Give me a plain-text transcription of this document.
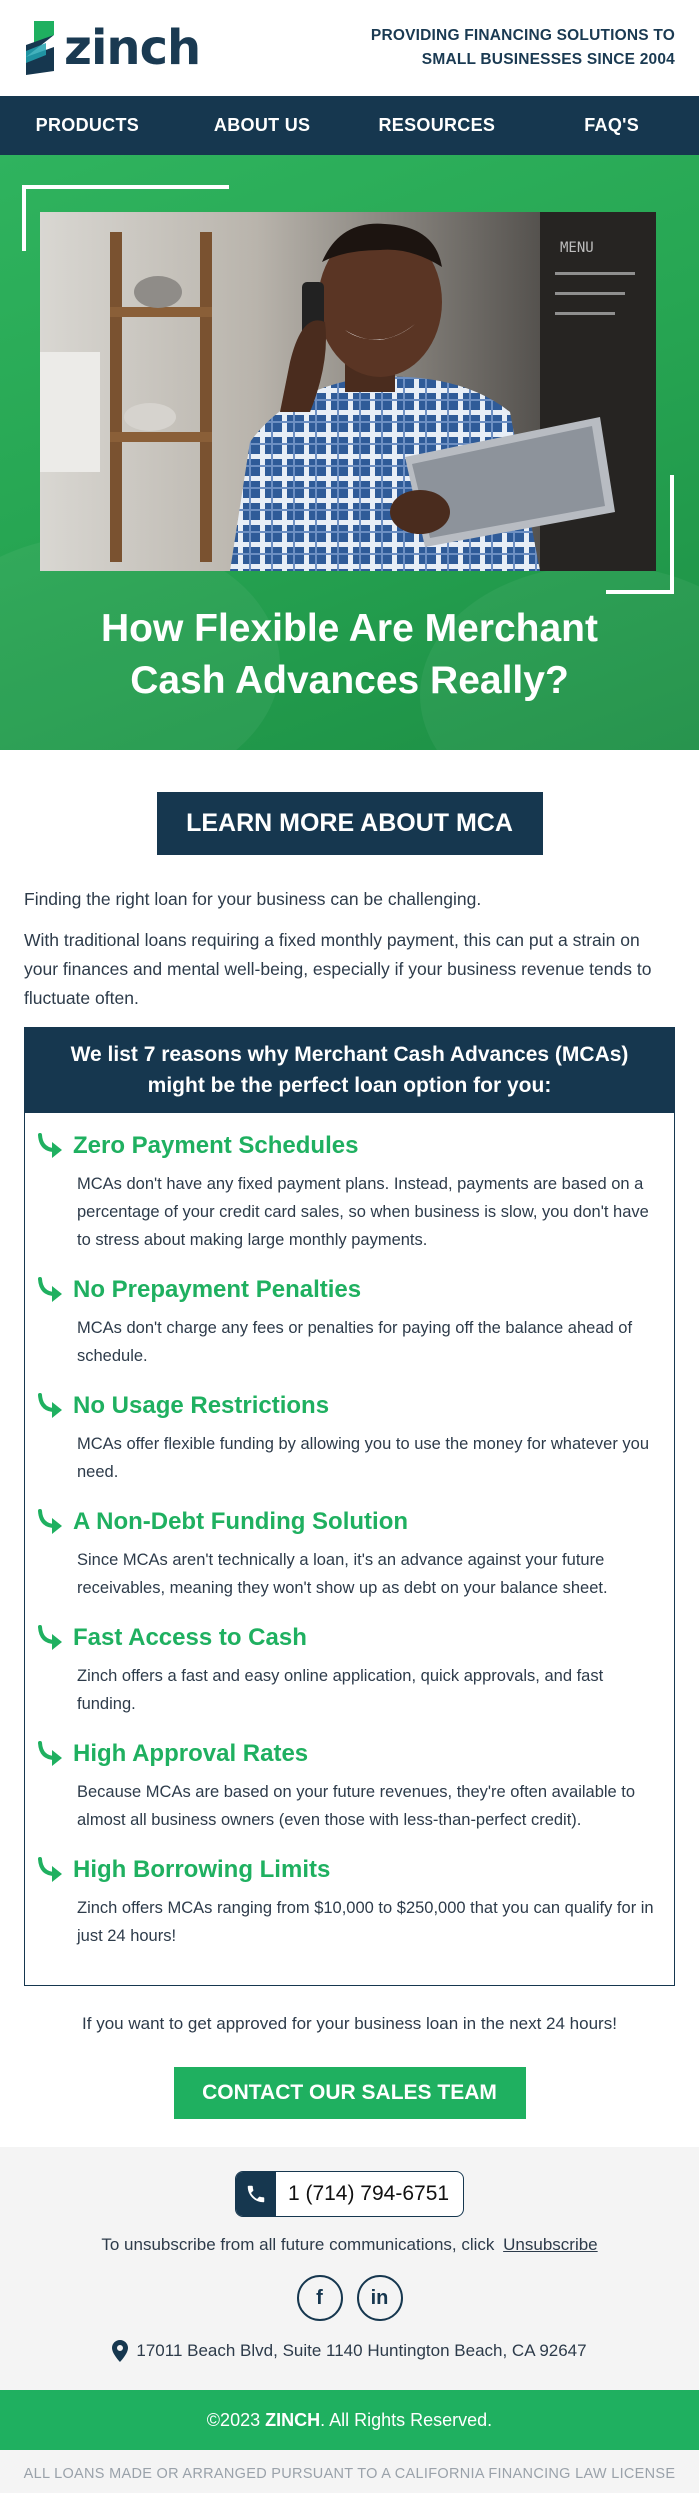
zinch	PROVIDING FINANCING SOLUTIONS TO
SMALL BUSINESSES SINCE 2004
PRODUCTS	ABOUT US	RESOURCES	FAQ'S
MENU
How Flexible Are Merchant
Cash Advances Really?
LEARN MORE ABOUT MCA

Finding the right loan for your business can be challenging.

With traditional loans requiring a fixed monthly payment, this can put a strain on your finances and mental well-being, especially if your business revenue tends to fluctuate often.

We list 7 reasons why Merchant Cash Advances (MCAs)
might be the perfect loan option for you:
Zero Payment Schedules
MCAs don't have any fixed payment plans. Instead, payments are based on a percentage of your credit card sales, so when business is slow, you don't have to stress about making large monthly payments.
No Prepayment Penalties
MCAs don't charge any fees or penalties for paying off the balance ahead of schedule.
No Usage Restrictions
MCAs offer flexible funding by allowing you to use the money for whatever you need.
A Non-Debt Funding Solution
Since MCAs aren't technically a loan, it's an advance against your future receivables, meaning they won't show up as debt on your balance sheet.
Fast Access to Cash
Zinch offers a fast and easy online application, quick approvals, and fast funding.
High Approval Rates
Because MCAs are based on your future revenues, they're often available to almost all business owners (even those with less-than-perfect credit).
High Borrowing Limits
Zinch offers MCAs ranging from $10,000 to $250,000 that you can qualify for in just 24 hours!
If you want to get approved for your business loan in the next 24 hours!
CONTACT OUR SALES TEAM
1 (714) 794-6751
To unsubscribe from all future communications, click Unsubscribe
f	in
17011 Beach Blvd, Suite 1140 Huntington Beach, CA 92647
©2023 ZINCH. All Rights Reserved.
ALL LOANS MADE OR ARRANGED PURSUANT TO A CALIFORNIA FINANCING LAW LICENSE
